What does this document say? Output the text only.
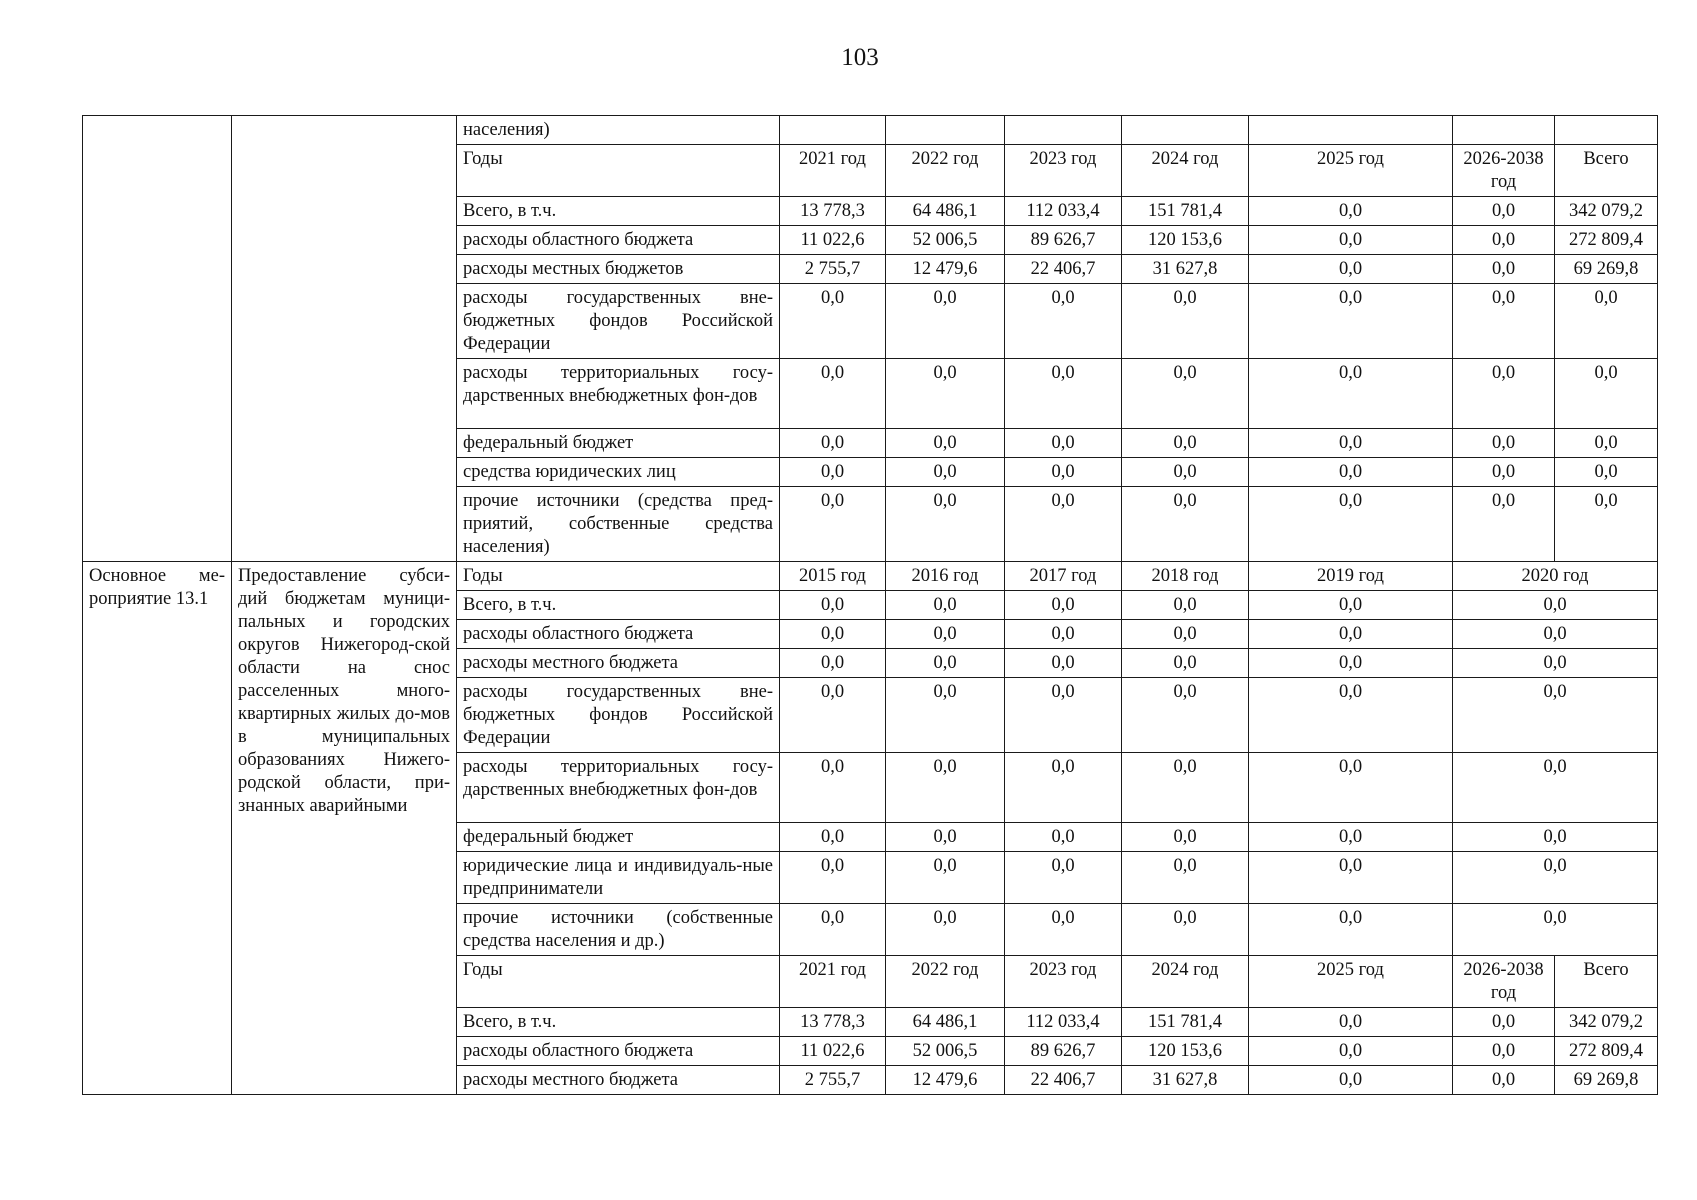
103
		населения)							
		Годы	2021 год	2022 год	2023 год	2024 год	2025 год	2026-2038 год	Всего
		Всего, в т.ч.	13 778,3	64 486,1	112 033,4	151 781,4	0,0	0,0	342 079,2
		расходы областного бюджета	11 022,6	52 006,5	89 626,7	120 153,6	0,0	0,0	272 809,4
		расходы местных бюджетов	2 755,7	12 479,6	22 406,7	31 627,8	0,0	0,0	69 269,8
		расходы государственных вне-бюджетных фондов Российской Федерации	0,0	0,0	0,0	0,0	0,0	0,0	0,0
		расходы территориальных госу-дарственных внебюджетных фон-дов	0,0	0,0	0,0	0,0	0,0	0,0	0,0
		федеральный бюджет	0,0	0,0	0,0	0,0	0,0	0,0	0,0
		средства юридических лиц	0,0	0,0	0,0	0,0	0,0	0,0	0,0
		прочие источники (средства пред-приятий, собственные средства населения)	0,0	0,0	0,0	0,0	0,0	0,0	0,0
Основное ме-роприятие 13.1	Предоставление субси-дий бюджетам муници-пальных и городских округов Нижегород-ской области на снос расселенных много-квартирных жилых до-мов в муниципальных образованиях Нижего-родской области, при-знанных аварийными	Годы	2015 год	2016 год	2017 год	2018 год	2019 год	2020 год	
		Всего, в т.ч.	0,0	0,0	0,0	0,0	0,0	0,0	
		расходы областного бюджета	0,0	0,0	0,0	0,0	0,0	0,0	
		расходы местного бюджета	0,0	0,0	0,0	0,0	0,0	0,0	
		расходы государственных вне-бюджетных фондов Российской Федерации	0,0	0,0	0,0	0,0	0,0	0,0	
		расходы территориальных госу-дарственных внебюджетных фон-дов	0,0	0,0	0,0	0,0	0,0	0,0	
		федеральный бюджет	0,0	0,0	0,0	0,0	0,0	0,0	
		юридические лица и индивидуаль-ные предприниматели	0,0	0,0	0,0	0,0	0,0	0,0	
		прочие источники (собственные средства населения и др.)	0,0	0,0	0,0	0,0	0,0	0,0	
		Годы	2021 год	2022 год	2023 год	2024 год	2025 год	2026-2038 год	Всего
		Всего, в т.ч.	13 778,3	64 486,1	112 033,4	151 781,4	0,0	0,0	342 079,2
		расходы областного бюджета	11 022,6	52 006,5	89 626,7	120 153,6	0,0	0,0	272 809,4
		расходы местного бюджета	2 755,7	12 479,6	22 406,7	31 627,8	0,0	0,0	69 269,8
